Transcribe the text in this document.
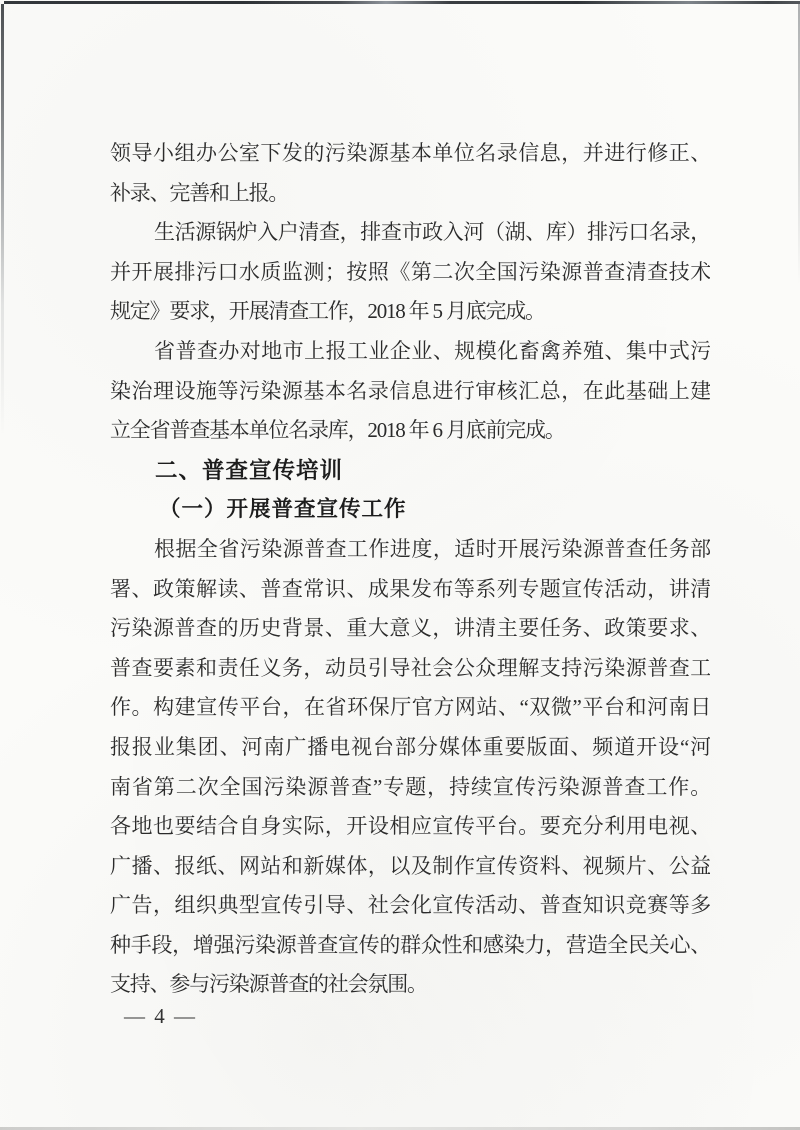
领导小组办公室下发的污染源基本单位名录信息，并进行修正、
补录、完善和上报。
生活源锅炉入户清查，排查市政入河（湖、库）排污口名录，
并开展排污口水质监测；按照《第二次全国污染源普查清查技术
规定》要求，开展清查工作，2018 年 5 月底完成。
省普查办对地市上报工业企业、规模化畜禽养殖、集中式污
染治理设施等污染源基本名录信息进行审核汇总，在此基础上建
立全省普查基本单位名录库，2018 年 6 月底前完成。
二、普查宣传培训
（一）开展普查宣传工作
根据全省污染源普查工作进度，适时开展污染源普查任务部
署、政策解读、普查常识、成果发布等系列专题宣传活动，讲清
污染源普查的历史背景、重大意义，讲清主要任务、政策要求、
普查要素和责任义务，动员引导社会公众理解支持污染源普查工
作。构建宣传平台，在省环保厅官方网站、“双微”平台和河南日
报报业集团、河南广播电视台部分媒体重要版面、频道开设“河
南省第二次全国污染源普查”专题，持续宣传污染源普查工作。
各地也要结合自身实际，开设相应宣传平台。要充分利用电视、
广播、报纸、网站和新媒体，以及制作宣传资料、视频片、公益
广告，组织典型宣传引导、社会化宣传活动、普查知识竞赛等多
种手段，增强污染源普查宣传的群众性和感染力，营造全民关心、
支持、参与污染源普查的社会氛围。
— 4 —
